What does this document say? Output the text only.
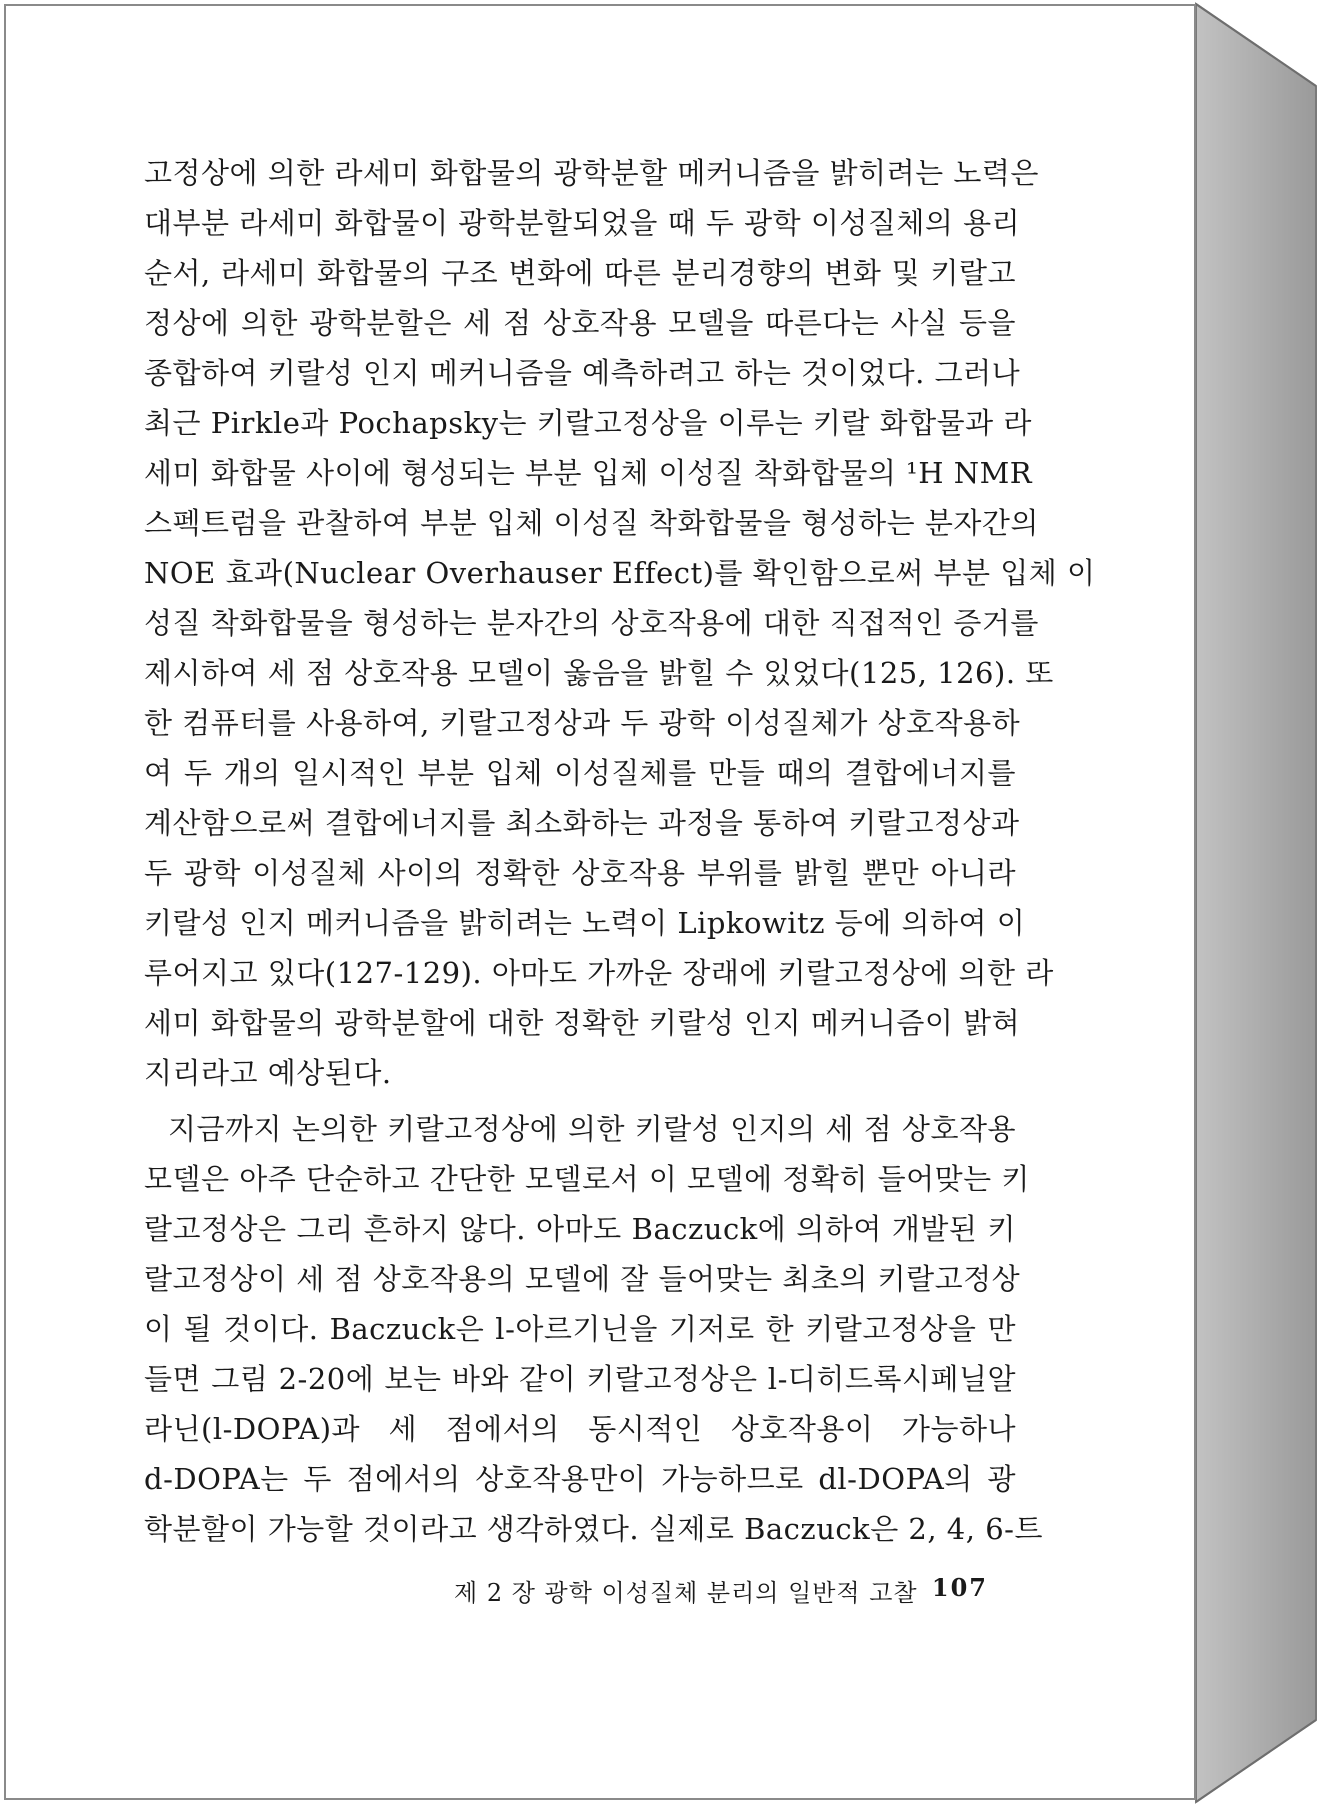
고정상에 의한 라세미 화합물의 광학분할 메커니즘을 밝히려는 노력은
대부분 라세미 화합물이 광학분할되었을 때 두 광학 이성질체의 용리
순서, 라세미 화합물의 구조 변화에 따른 분리경향의 변화 및 키랄고
정상에 의한 광학분할은 세 점 상호작용 모델을 따른다는 사실 등을
종합하여 키랄성 인지 메커니즘을 예측하려고 하는 것이었다. 그러나
최근 Pirkle과 Pochapsky는 키랄고정상을 이루는 키랄 화합물과 라
세미 화합물 사이에 형성되는 부분 입체 이성질 착화합물의 ¹H NMR
스펙트럼을 관찰하여 부분 입체 이성질 착화합물을 형성하는 분자간의
NOE 효과(Nuclear Overhauser Effect)를 확인함으로써 부분 입체 이
성질 착화합물을 형성하는 분자간의 상호작용에 대한 직접적인 증거를
제시하여 세 점 상호작용 모델이 옳음을 밝힐 수 있었다(125, 126). 또
한 컴퓨터를 사용하여, 키랄고정상과 두 광학 이성질체가 상호작용하
여 두 개의 일시적인 부분 입체 이성질체를 만들 때의 결합에너지를
계산함으로써 결합에너지를 최소화하는 과정을 통하여 키랄고정상과
두 광학 이성질체 사이의 정확한 상호작용 부위를 밝힐 뿐만 아니라
키랄성 인지 메커니즘을 밝히려는 노력이 Lipkowitz 등에 의하여 이
루어지고 있다(127-129). 아마도 가까운 장래에 키랄고정상에 의한 라
세미 화합물의 광학분할에 대한 정확한 키랄성 인지 메커니즘이 밝혀
지리라고 예상된다.
지금까지 논의한 키랄고정상에 의한 키랄성 인지의 세 점 상호작용
모델은 아주 단순하고 간단한 모델로서 이 모델에 정확히 들어맞는 키
랄고정상은 그리 흔하지 않다. 아마도 Baczuck에 의하여 개발된 키
랄고정상이 세 점 상호작용의 모델에 잘 들어맞는 최초의 키랄고정상
이 될 것이다. Baczuck은 l-아르기닌을 기저로 한 키랄고정상을 만
들면 그림 2-20에 보는 바와 같이 키랄고정상은 l-디히드록시페닐알
라닌(l-DOPA)과 세 점에서의 동시적인 상호작용이 가능하나
d-DOPA는 두 점에서의 상호작용만이 가능하므로 dl-DOPA의 광
학분할이 가능할 것이라고 생각하였다. 실제로 Baczuck은 2, 4, 6-트
제 2 장 광학 이성질체 분리의 일반적 고찰 107
